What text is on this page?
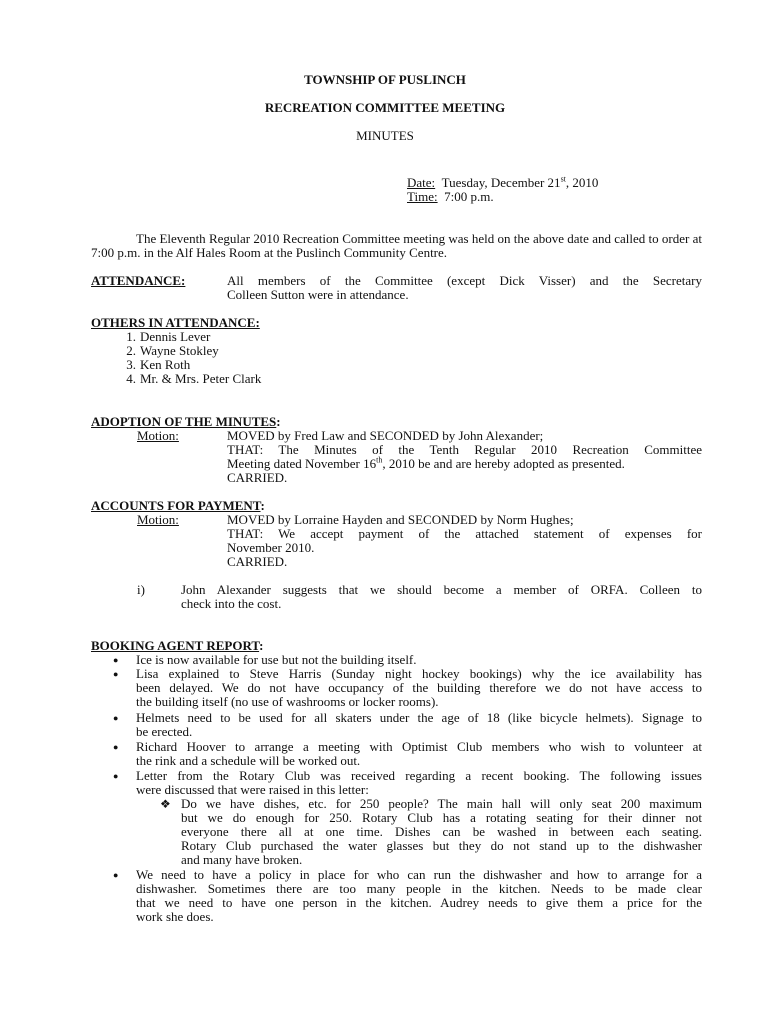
TOWNSHIP OF PUSLINCH
RECREATION COMMITTEE MEETING
MINUTES
Date: Tuesday, December 21st, 2010
Time: 7:00 p.m.
The Eleventh Regular 2010 Recreation Committee meeting was held on the above date and called to order at 7:00 p.m. in the Alf Hales Room at the Puslinch Community Centre.
ATTENDANCE:	All members of the Committee (except Dick Visser) and the Secretary
Colleen Sutton were in attendance.
OTHERS IN ATTENDANCE:
1. Dennis Lever
2. Wayne Stokley
3. Ken Roth
4. Mr. & Mrs. Peter Clark
ADOPTION OF THE MINUTES:
Motion:	MOVED by Fred Law and SECONDED by John Alexander;
THAT: The Minutes of the Tenth Regular 2010 Recreation Committee
Meeting dated November 16th, 2010 be and are hereby adopted as presented.
CARRIED.
ACCOUNTS FOR PAYMENT:
Motion:	MOVED by Lorraine Hayden and SECONDED by Norm Hughes;
THAT: We accept payment of the attached statement of expenses for
November 2010.
CARRIED.
i)	John Alexander suggests that we should become a member of ORFA. Colleen to
check into the cost.
BOOKING AGENT REPORT:
● Ice is now available for use but not the building itself.
● Lisa explained to Steve Harris (Sunday night hockey bookings) why the ice availability has
been delayed. We do not have occupancy of the building therefore we do not have access to
the building itself (no use of washrooms or locker rooms).
● Helmets need to be used for all skaters under the age of 18 (like bicycle helmets). Signage to
be erected.
● Richard Hoover to arrange a meeting with Optimist Club members who wish to volunteer at
the rink and a schedule will be worked out.
● Letter from the Rotary Club was received regarding a recent booking. The following issues
were discussed that were raised in this letter:
❖ Do we have dishes, etc. for 250 people? The main hall will only seat 200 maximum
but we do enough for 250. Rotary Club has a rotating seating for their dinner not
everyone there all at one time. Dishes can be washed in between each seating.
Rotary Club purchased the water glasses but they do not stand up to the dishwasher
and many have broken.
● We need to have a policy in place for who can run the dishwasher and how to arrange for a
dishwasher. Sometimes there are too many people in the kitchen. Needs to be made clear
that we need to have one person in the kitchen. Audrey needs to give them a price for the
work she does.
